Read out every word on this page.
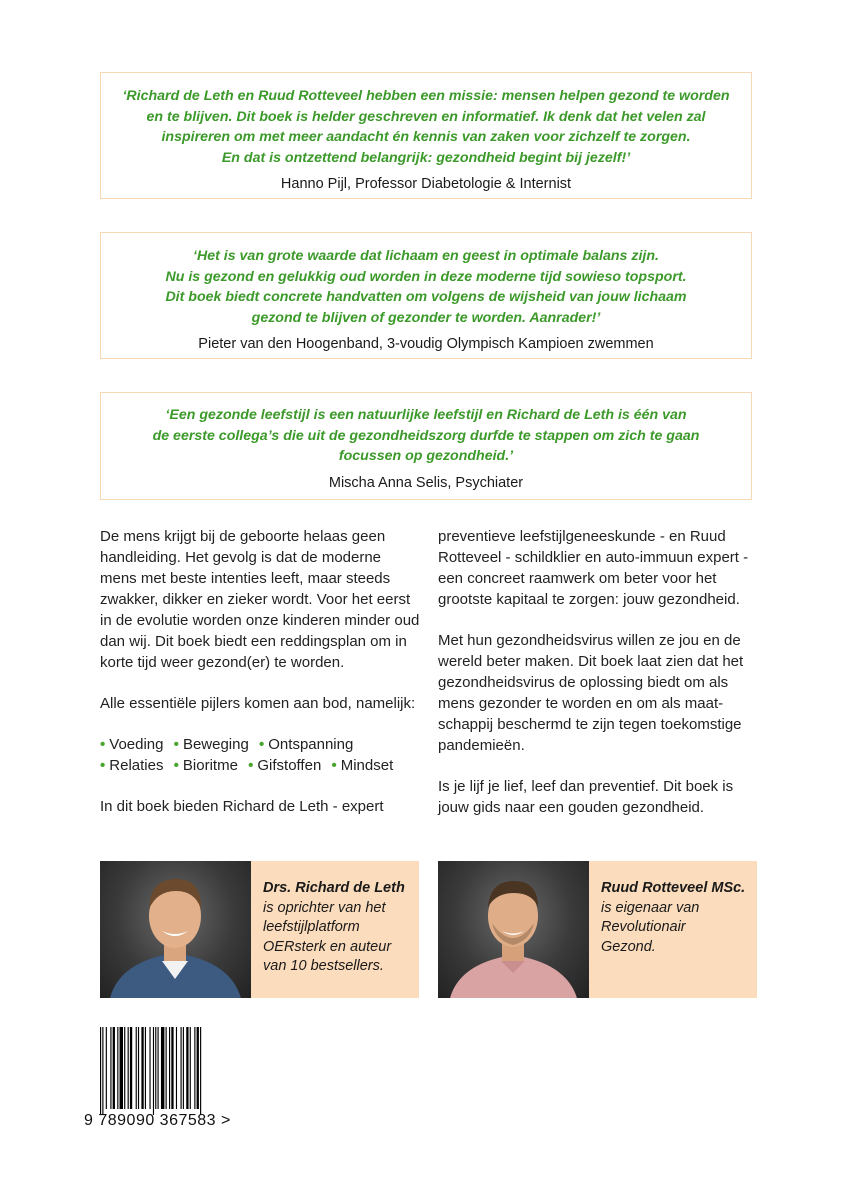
‘Richard de Leth en Ruud Rotteveel hebben een missie: mensen helpen gezond te worden
en te blijven. Dit boek is helder geschreven en informatief. Ik denk dat het velen zal
inspireren om met meer aandacht én kennis van zaken voor zichzelf te zorgen.
En dat is ontzettend belangrijk: gezondheid begint bij jezelf!’

Hanno Pijl, Professor Diabetologie & Internist

‘Het is van grote waarde dat lichaam en geest in optimale balans zijn.
Nu is gezond en gelukkig oud worden in deze moderne tijd sowieso topsport.
Dit boek biedt concrete handvatten om volgens de wijsheid van jouw lichaam
gezond te blijven of gezonder te worden. Aanrader!’

Pieter van den Hoogenband, 3-voudig Olympisch Kampioen zwemmen

‘Een gezonde leefstijl is een natuurlijke leefstijl en Richard de Leth is één van
de eerste collega’s die uit de gezondheidszorg durfde te stappen om zich te gaan
focussen op gezondheid.’

Mischa Anna Selis, Psychiater

De mens krijgt bij de geboorte helaas geen handleiding. Het gevolg is dat de moderne mens met beste intenties leeft, maar steeds zwakker, dikker en zieker wordt. Voor het eerst in de evolutie worden onze kinderen minder oud dan wij. Dit boek biedt een reddingsplan om in korte tijd weer gezond(er) te worden.

Alle essentiële pijlers komen aan bod, namelijk:

• Voeding • Beweging • Ontspanning
• Relaties • Bioritme • Gifstoffen • Mindset

In dit boek bieden Richard de Leth - expert

preventieve leefstijlgeneeskunde - en Ruud Rotteveel - schildklier en auto-immuun expert - een concreet raamwerk om beter voor het grootste kapitaal te zorgen: jouw gezondheid.

Met hun gezondheidsvirus willen ze jou en de wereld beter maken. Dit boek laat zien dat het gezondheidsvirus de oplossing biedt om als mens gezonder te worden en om als maatschappij beschermd te zijn tegen toekomstige pandemieën.

Is je lijf je lief, leef dan preventief. Dit boek is jouw gids naar een gouden gezondheid.

Drs. Richard de Leth
is oprichter van het
leefstijlplatform
OERsterk en auteur
van 10 bestsellers.
Ruud Rotteveel MSc.
is eigenaar van
Revolutionair
Gezond.
9 789090 367583 >
